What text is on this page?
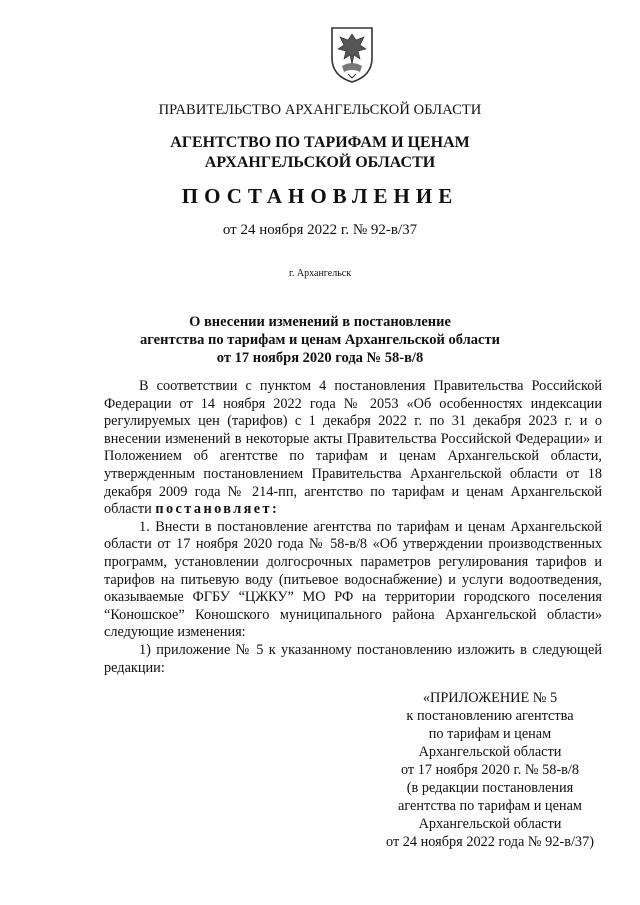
ПРАВИТЕЛЬСТВО АРХАНГЕЛЬСКОЙ ОБЛАСТИ
АГЕНТСТВО ПО ТАРИФАМ И ЦЕНАМ
АРХАНГЕЛЬСКОЙ ОБЛАСТИ
ПОСТАНОВЛЕНИЕ
от 24 ноября 2022 г. № 92-в/37
г. Архангельск
О внесении изменений в постановление
агентства по тарифам и ценам Архангельской области
от 17 ноября 2020 года № 58-в/8

В соответствии с пунктом 4 постановления Правительства Российской Федерации от 14 ноября 2022 года № 2053 «Об особенностях индексации регулируемых цен (тарифов) с 1 декабря 2022 г. по 31 декабря 2023 г. и о внесении изменений в некоторые акты Правительства Российской Федерации» и Положением об агентстве по тарифам и ценам Архангельской области, утвержденным постановлением Правительства Архангельской области от 18 декабря 2009 года № 214-пп, агентство по тарифам и ценам Архангельской области постановляет:

1. Внести в постановление агентства по тарифам и ценам Архангельской области от 17 ноября 2020 года № 58-в/8 «Об утверждении производственных программ, установлении долгосрочных параметров регулирования тарифов и тарифов на питьевую воду (питьевое водоснабжение) и услуги водоотведения, оказываемые ФГБУ “ЦЖКУ” МО РФ на территории городского поселения “Коношское” Коношского муниципального района Архангельской области» следующие изменения:

1) приложение № 5 к указанному постановлению изложить в следующей редакции:

«ПРИЛОЖЕНИЕ № 5
к постановлению агентства
по тарифам и ценам
Архангельской области
от 17 ноября 2020 г. № 58-в/8
(в редакции постановления
агентства по тарифам и ценам
Архангельской области
от 24 ноября 2022 года № 92-в/37)
